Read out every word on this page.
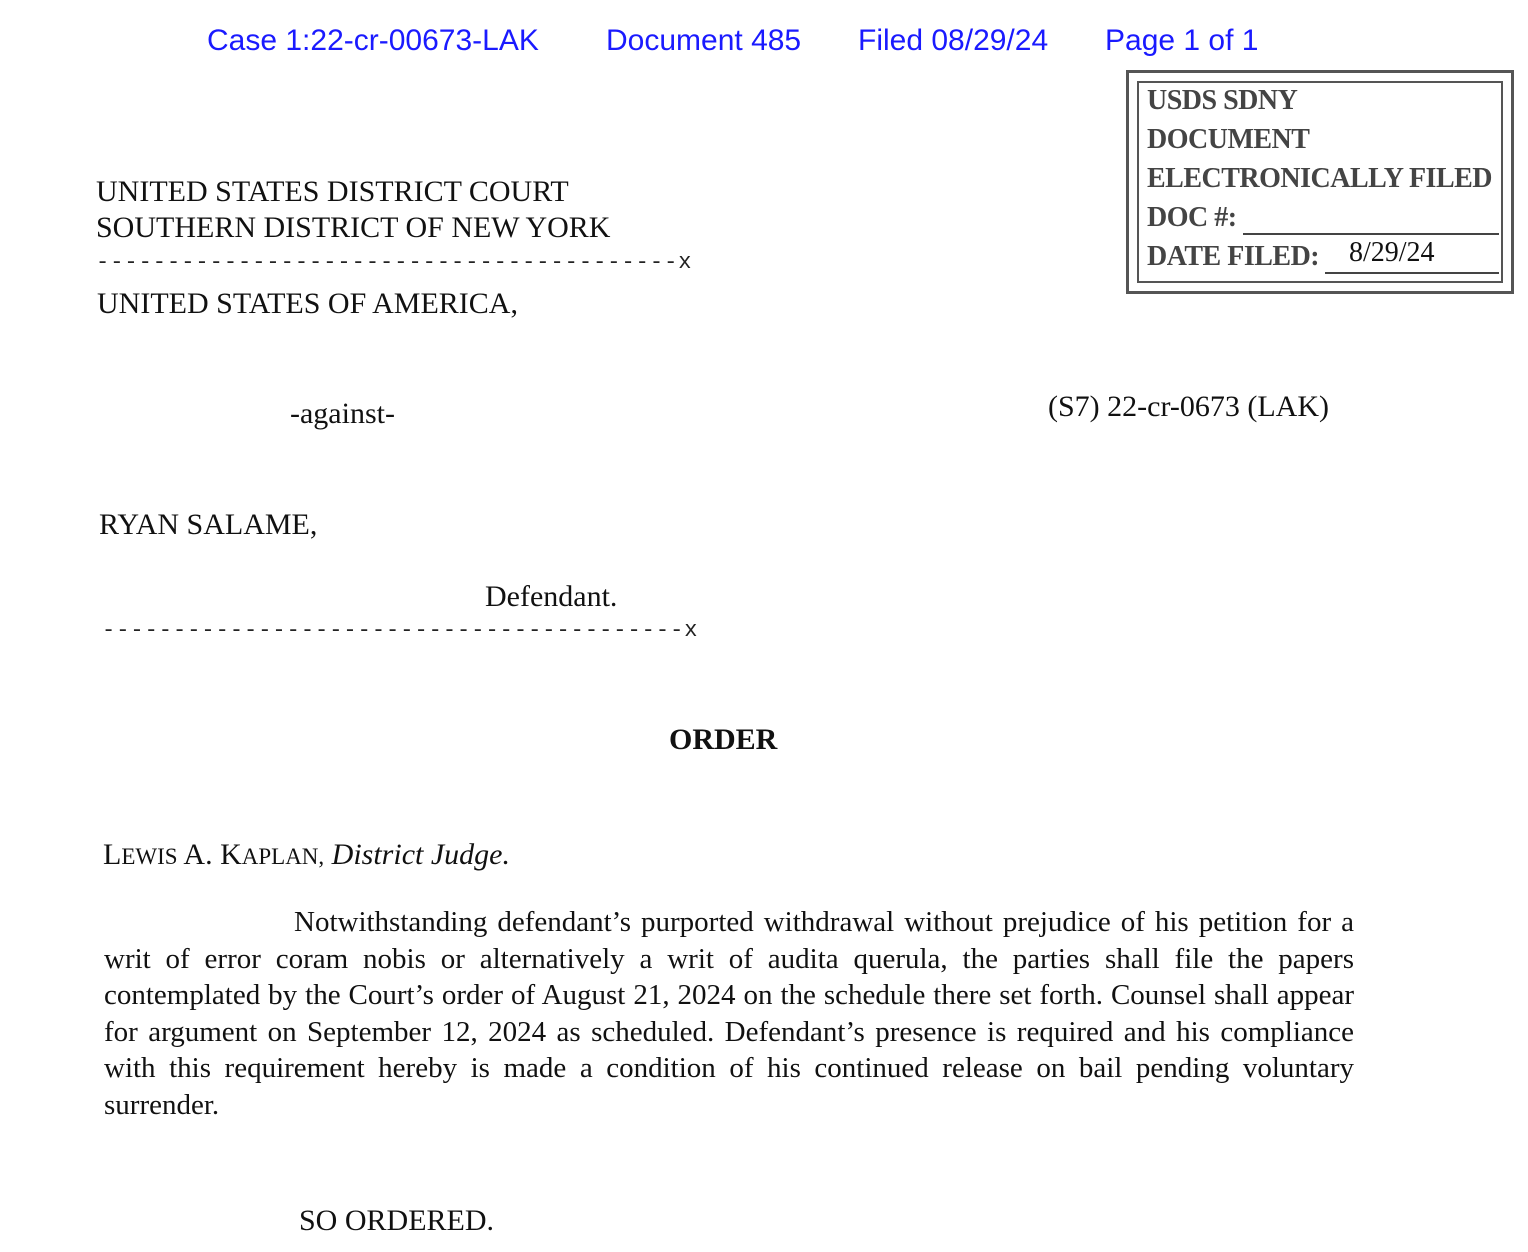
Case 1:22-cr-00673-LAK Document 485 Filed 08/29/24 Page 1 of 1
USDS SDNY
DOCUMENT
ELECTRONICALLY FILED
DOC #:
DATE FILED: 8/29/24
UNITED STATES DISTRICT COURT
SOUTHERN DISTRICT OF NEW YORK
-----------------------------------------x
UNITED STATES OF AMERICA,
-against-	(S7) 22-cr-0673 (LAK)
RYAN SALAME,
Defendant.
-----------------------------------------x
ORDER
LEWIS A. KAPLAN, District Judge.
Notwithstanding defendant’s purported withdrawal without prejudice of his petition for a writ of error coram nobis or alternatively a writ of audita querula, the parties shall file the papers contemplated by the Court’s order of August 21, 2024 on the schedule there set forth. Counsel shall appear for argument on September 12, 2024 as scheduled. Defendant’s presence is required and his compliance with this requirement hereby is made a condition of his continued release on bail pending voluntary surrender.
SO ORDERED.
